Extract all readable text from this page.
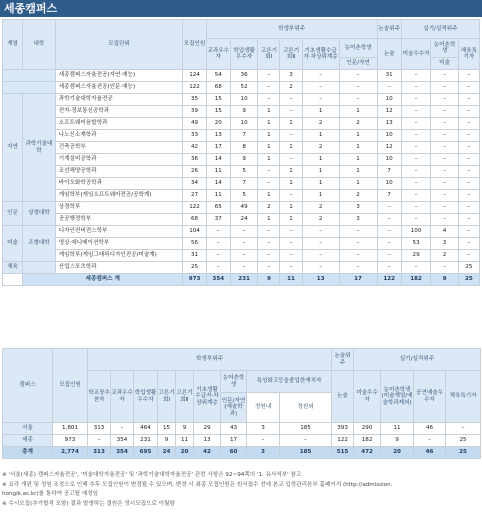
세종캠퍼스
계열	대학	모집단위	모집인원	학생부위주						논술위주	실기/실적위주		
				교과우수자	학업생활우수자	고른기회Ⅰ	고른기회Ⅱ	기초생활수급자·차상위계층	농어촌학생	논술	미술우수자	농어촌학생	체육특기자
									인문/자연			미술	
		세종캠퍼스자율전공(자연·예능)	124	54	36	–	3	–	–	31	–	–	–
		세종캠퍼스자율전공(인문·예능)	122	68	52	–	2	–	–	–	–	–	–
자연	과학기술대학	과학기술대학자율전공	35	15	10	–	–	–	–	10	–	–	–
		전자·정보통신공학과	39	15	9	1	–	1	1	12	–	–	–
		소프트웨어융합학과	49	20	10	1	1	2	2	13	–	–	–
		나노신소재학과	33	13	7	1	–	1	1	10	–	–	–
		건축공학부	42	17	8	1	1	2	1	12	–	–	–
		기계설비공학과	36	14	9	1	–	1	1	10	–	–	–
		조선해양공학과	26	11	5	–	1	1	1	7	–	–	–
		바이오화학공학과	34	14	7	–	1	1	1	10	–	–	–
		게임학부(게임소프트웨어전공/공학계)	27	11	5	1	–	1	2	7	–	–	–
인문	상경대학	상경학부	122	65	49	2	1	2	3	–	–	–	–
		공공행정학부	68	37	24	1	1	2	3	–	–	–	–
미술	조형대학	디자인컨버전스학부	104	–	–	–	–	–	–	–	100	4	–
		영상·애니메이션학부	56	–	–	–	–	–	–	–	53	3	–
		게임학부(게임그래픽디자인전공/미술계)	31	–	–	–	–	–	–	–	29	2	–
체육		산업스포츠학과	25	–	–	–	–	–	–	–	–	–	25
	세종캠퍼스 계		973	354	231	9	11	13	17	122	182	9	25
캠퍼스	모집인원	학생부위주									논술위주	실기/실적위주			
		학교장추천자	교과우수자	학업생활우수자	고른기회Ⅰ	고른기회Ⅱ	기초생활수급자·차상위계층	농어촌학생	특성화고등을졸업한재직자		논술	미술우수자	농어촌학생(미술계열/예술학과제외)	공연예술우수자	체육특기자
								인문/자연(예술학과)	정원내	정원외					
서울	1,801	313	–	464	15	9	29	43	3	185	393	290	11	46	–
세종	973	–	354	231	9	11	13	17	–	–	122	182	9	–	25
총계	2,774	313	354	695	24	20	42	60	3	185	515	472	20	46	25
※ '서울(세종) 캠퍼스자율전공', '미술대학자율전공' 및 '과학기술대학자율전공' 관련 사항은 92~94쪽의 '1. 유사석부' 참고
※ 요각 개편 및 정원 조정으로 인해 추후 모집인원이 변경될 수 있으며, 변경 시 최종 모집인원은 원서접수 전에 본교 입학관리본부 홈페이지 (http://admission.
hongik.ac.kr)를 통하여 공고될 예정임
※ 수시모집(추가합격 포함) 결과 발생하는 결원은 정시모집으로 이월함
